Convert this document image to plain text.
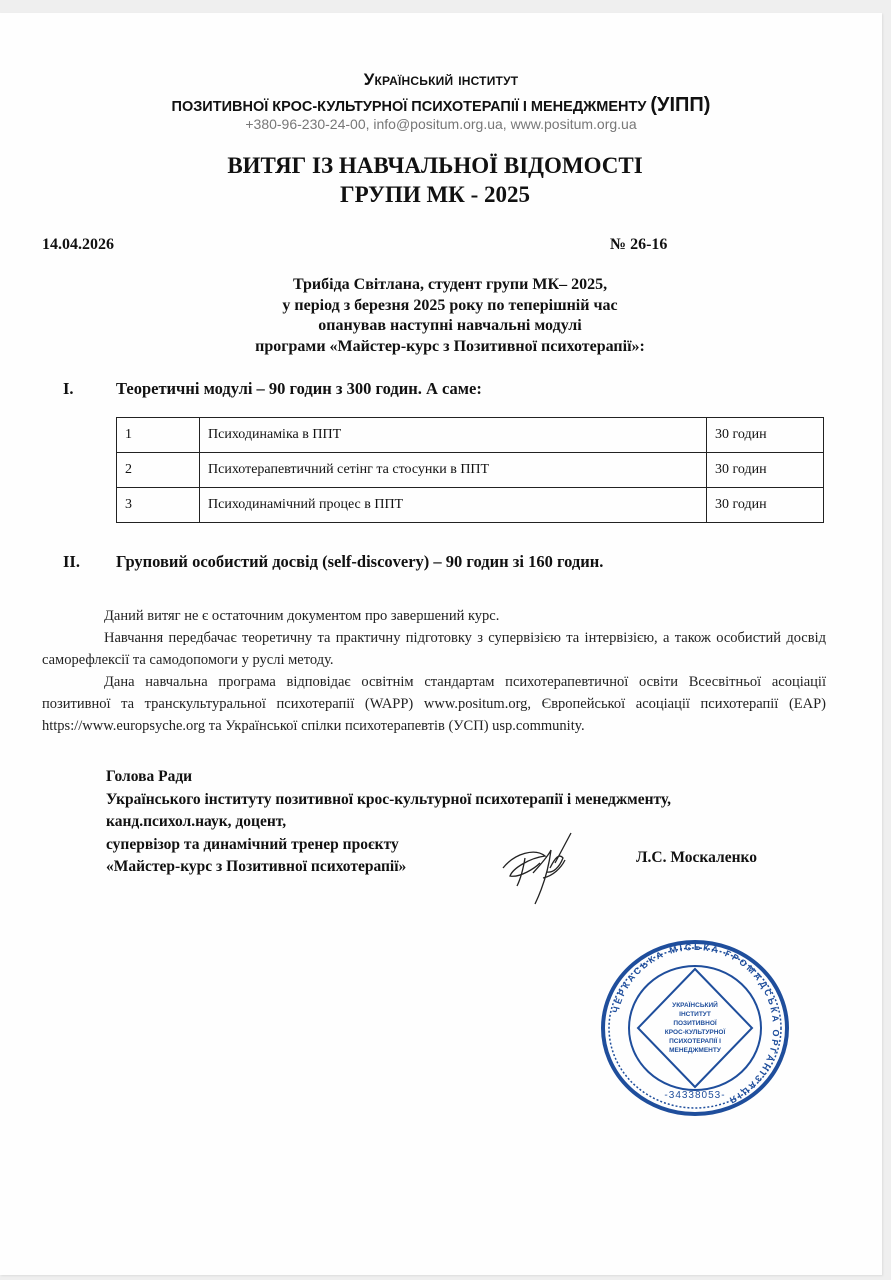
Український інститут
ПОЗИТИВНОЇ КРОС-КУЛЬТУРНОЇ ПСИХОТЕРАПІЇ І МЕНЕДЖМЕНТУ (УІПП)
+380-96-230-24-00, info@positum.org.ua, www.positum.org.ua
ВИТЯГ ІЗ НАВЧАЛЬНОЇ ВІДОМОСТІ
ГРУПИ МК - 2025
14.04.2026	№ 26-16
Трибіда Світлана, студент групи МК– 2025,
у період з березня 2025 року по теперішній час
опанував наступні навчальні модулі
програми «Майстер-курс з Позитивної психотерапії»:
I.	Теоретичні модулі – 90 годин з 300 годин. А саме:
1	Психодинаміка в ППТ	30 годин
2	Психотерапевтичний сетінг та стосунки в ППТ	30 годин
3	Психодинамічний процес в ППТ	30 годин
II. Груповий особистий досвід (self-discovery) – 90 годин зі 160 годин.

Даний витяг не є остаточним документом про завершений курс.

Навчання передбачає теоретичну та практичну підготовку з супервізією та інтервізією, а також особистий досвід саморефлексії та самодопомоги у руслі методу.

Дана навчальна програма відповідає освітнім стандартам психотерапевтичної освіти Всесвітньої асоціації позитивної та транскультуральної психотерапії (WAPP) www.positum.org, Європейської асоціації психотерапії (EAP) https://www.europsyche.org та Української спілки психотерапевтів (УСП) usp.community.

Голова Ради
Українського інституту позитивної крос-культурної психотерапії і менеджменту,
канд.психол.наук, доцент,
супервізор та динамічний тренер проєкту
«Майстер-курс з Позитивної психотерапії»
Л.С. Москаленко
ЧЕРКАСЬКА МІСЬКА ГРОМАДСЬКА ОРГАНІЗАЦІЯ
УКРАЇНСЬКИЙ
ІНСТИТУТ
ПОЗИТИВНОЇ
КРОС-КУЛЬТУРНОЇ
ПСИХОТЕРАПІЇ І
МЕНЕДЖМЕНТУ
-34338053-
